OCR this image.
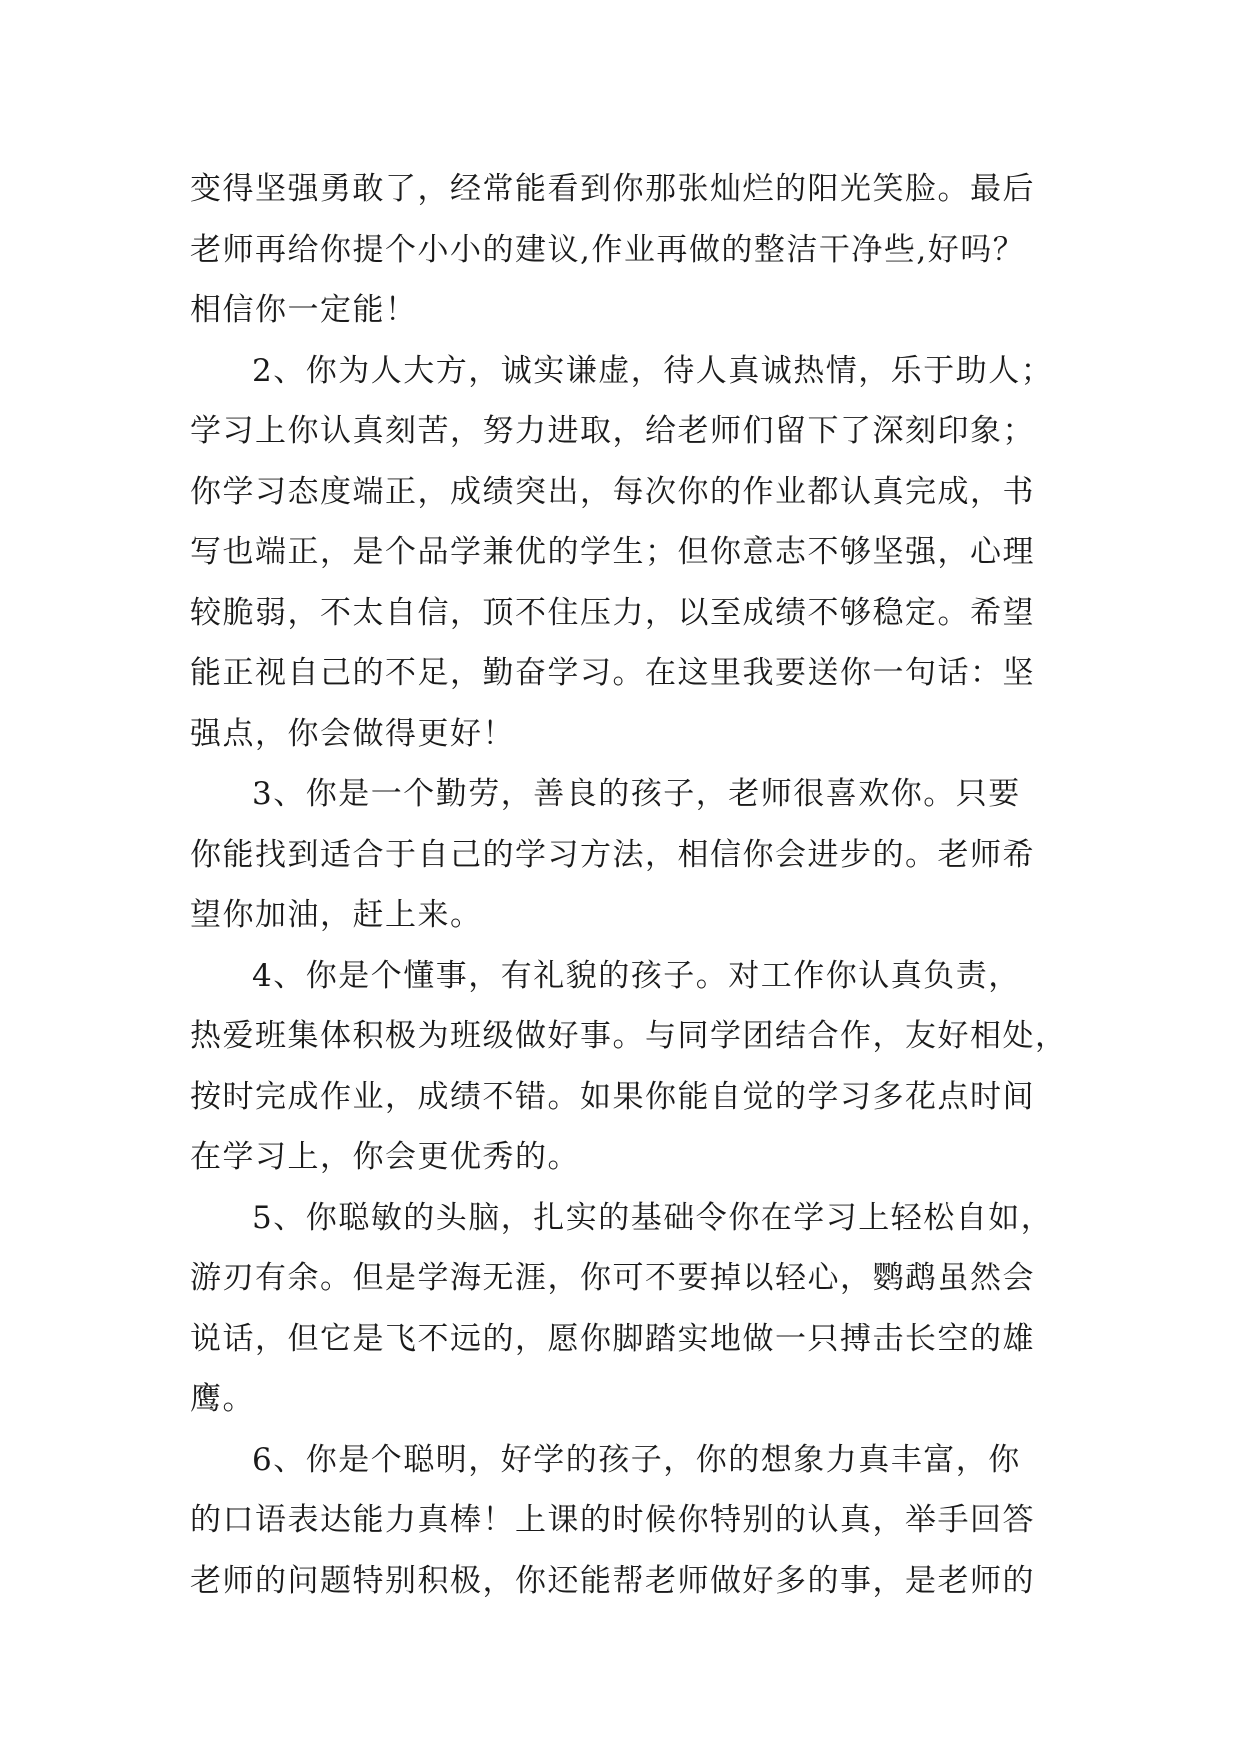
变得坚强勇敢了，经常能看到你那张灿烂的阳光笑脸。最后
老师再给你提个小小的建议,作业再做的整洁干净些,好吗？
相信你一定能！
2、你为人大方，诚实谦虚，待人真诚热情，乐于助人；
学习上你认真刻苦，努力进取，给老师们留下了深刻印象；
你学习态度端正，成绩突出，每次你的作业都认真完成，书
写也端正，是个品学兼优的学生；但你意志不够坚强，心理
较脆弱，不太自信，顶不住压力，以至成绩不够稳定。希望
能正视自己的不足，勤奋学习。在这里我要送你一句话：坚
强点，你会做得更好！
3、你是一个勤劳，善良的孩子，老师很喜欢你。只要
你能找到适合于自己的学习方法，相信你会进步的。老师希
望你加油，赶上来。
4、你是个懂事，有礼貌的孩子。对工作你认真负责，
热爱班集体积极为班级做好事。与同学团结合作，友好相处，
按时完成作业，成绩不错。如果你能自觉的学习多花点时间
在学习上，你会更优秀的。
5、你聪敏的头脑，扎实的基础令你在学习上轻松自如，
游刃有余。但是学海无涯，你可不要掉以轻心，鹦鹉虽然会
说话，但它是飞不远的，愿你脚踏实地做一只搏击长空的雄
鹰。
6、你是个聪明，好学的孩子，你的想象力真丰富，你
的口语表达能力真棒！上课的时候你特别的认真，举手回答
老师的问题特别积极，你还能帮老师做好多的事，是老师的
